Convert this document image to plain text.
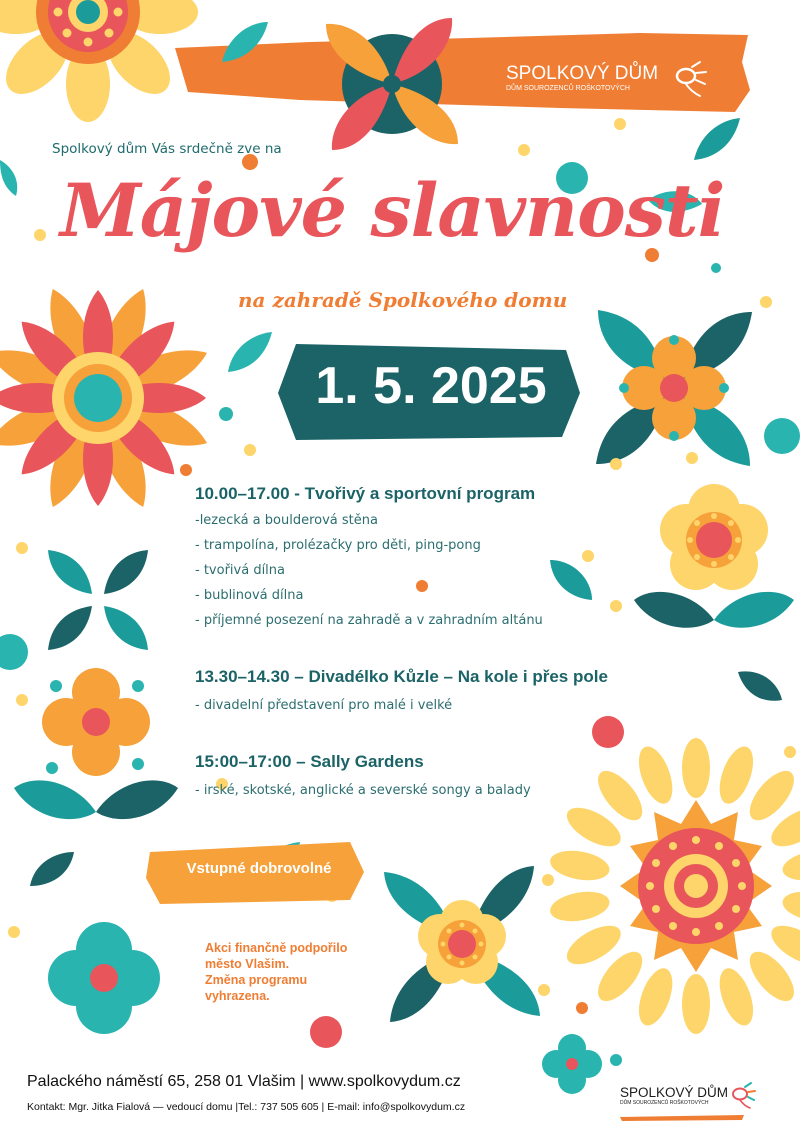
SPOLKOVÝ DŮM
DŮM SOUROZENCŮ ROŠKOTOVÝCH
Spolkový dům Vás srdečně zve na
Májové slavnosti
na zahradě Spolkového domu
1. 5. 2025
10.00–17.00 - Tvořivý a sportovní program
-lezecká a boulderová stěna
- trampolína, prolézačky pro děti, ping-pong
- tvořivá dílna
- bublinová dílna
- příjemné posezení na zahradě a v zahradním altánu
13.30–14.30 – Divadélko Kůzle – Na kole i přes pole
- divadelní představení pro malé i velké
15:00–17:00 – Sally Gardens
- irské, skotské, anglické a severské songy a balady
Vstupné dobrovolné
Akci finančně podpořilo
město Vlašim.
Změna programu
vyhrazena.
Palackého náměstí 65, 258 01 Vlašim | www.spolkovydum.cz
Kontakt: Mgr. Jitka Fialová — vedoucí domu |Tel.: 737 505 605 | E-mail: info@spolkovydum.cz
SPOLKOVÝ DŮM
DŮM SOUROZENCŮ ROŠKOTOVÝCH
